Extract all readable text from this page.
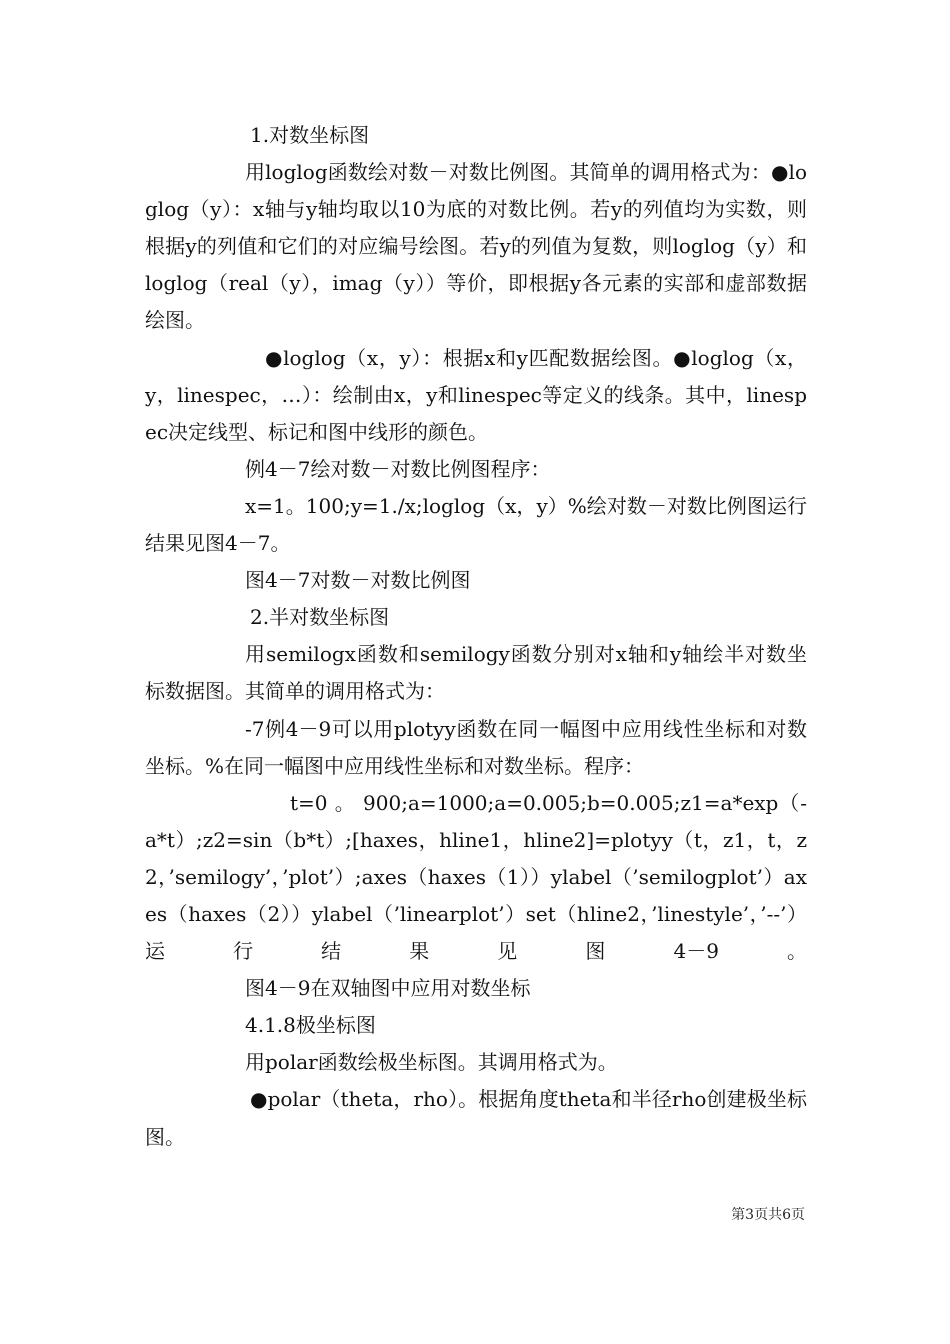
1.对数坐标图

用loglog函数绘对数－对数比例图。其简单的调用格式为：●loglog（y）：x轴与y轴均取以10为底的对数比例。若y的列值均为实数，则根据y的列值和它们的对应编号绘图。若y的列值为复数，则loglog（y）和loglog（real（y），imag（y））等价，即根据y各元素的实部和虚部数据绘图。

●loglog（x，y）：根据x和y匹配数据绘图。●loglog（x，y，linespec，…）：绘制由x，y和linespec等定义的线条。其中，linespec决定线型、标记和图中线形的颜色。

例4－7绘对数－对数比例图程序：

x=1。100;y=1./x;loglog（x，y）%绘对数－对数比例图运行结果见图4－7。

图4－7对数－对数比例图

2.半对数坐标图

用semilogx函数和semilogy函数分别对x轴和y轴绘半对数坐标数据图。其简单的调用格式为：

-7例4－9可以用plotyy函数在同一幅图中应用线性坐标和对数坐标。%在同一幅图中应用线性坐标和对数坐标。程序：

t=0 。 900;a=1000;a=0.005;b=0.005;z1=a*exp（-a*t）;z2=sin（b*t）;[haxes，hline1，hline2]=plotyy（t，z1，t，z2，’semilogy’，’plot’）;axes（haxes（1））ylabel（’semilogplot’）axes（haxes（2））ylabel（’linearplot’）set（hline2，’linestyle’，’--’）运行结果见图4－9。

图4－9在双轴图中应用对数坐标

4.1.8极坐标图

用polar函数绘极坐标图。其调用格式为。

●polar（theta，rho）。根据角度theta和半径rho创建极坐标图。

第3页共6页
